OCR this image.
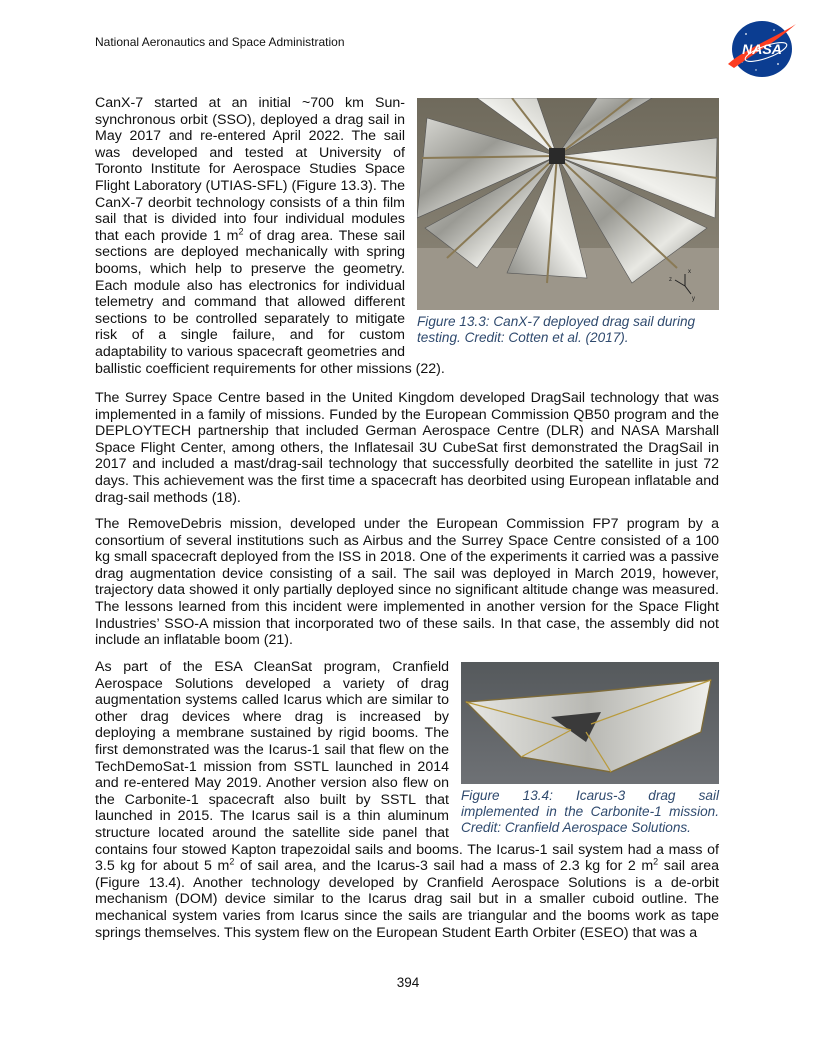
National Aeronautics and Space Administration	NASA
x
z
y
Figure 13.3: CanX-7 deployed drag sail during testing. Credit: Cotten et al. (2017).

CanX-7 started at an initial ~700 km Sun-synchronous orbit (SSO), deployed a drag sail in May 2017 and re-entered April 2022. The sail was developed and tested at University of Toronto Institute for Aerospace Studies Space Flight Laboratory (UTIAS-SFL) (Figure 13.3). The CanX-7 deorbit technology consists of a thin film sail that is divided into four individual modules that each provide 1 $m^2$ of drag area. These sail sections are deployed mechanically with spring booms, which help to preserve the geometry. Each module also has electronics for individual telemetry and command that allowed different sections to be controlled separately to mitigate risk of a single failure, and for custom adaptability to various spacecraft geometries and ballistic coefficient requirements for other missions (22).

The Surrey Space Centre based in the United Kingdom developed DragSail technology that was implemented in a family of missions. Funded by the European Commission QB50 program and the DEPLOYTECH partnership that included German Aerospace Centre (DLR) and NASA Marshall Space Flight Center, among others, the Inflatesail 3U CubeSat first demonstrated the DragSail in 2017 and included a mast/drag-sail technology that successfully deorbited the satellite in just 72 days. This achievement was the first time a spacecraft has deorbited using European inflatable and drag-sail methods (18).

The RemoveDebris mission, developed under the European Commission FP7 program by a consortium of several institutions such as Airbus and the Surrey Space Centre consisted of a 100 kg small spacecraft deployed from the ISS in 2018. One of the experiments it carried was a passive drag augmentation device consisting of a sail. The sail was deployed in March 2019, however, trajectory data showed it only partially deployed since no significant altitude change was measured. The lessons learned from this incident were implemented in another version for the Space Flight Industries’ SSO-A mission that incorporated two of these sails. In that case, the assembly did not include an inflatable boom (21).

Figure 13.4: Icarus-3 drag sail implemented in the Carbonite-1 mission. Credit: Cranfield Aerospace Solutions.

As part of the ESA CleanSat program, Cranfield Aerospace Solutions developed a variety of drag augmentation systems called Icarus which are similar to other drag devices where drag is increased by deploying a membrane sustained by rigid booms. The first demonstrated was the Icarus-1 sail that flew on the TechDemoSat-1 mission from SSTL launched in 2014 and re-entered May 2019. Another version also flew on the Carbonite-1 spacecraft also built by SSTL that launched in 2015. The Icarus sail is a thin aluminum structure located around the satellite side panel that contains four stowed Kapton trapezoidal sails and booms. The Icarus-1 sail system had a mass of 3.5 kg for about 5 $m^2$ of sail area, and the Icarus-3 sail had a mass of 2.3 kg for 2 $m^2$ sail area (Figure 13.4). Another technology developed by Cranfield Aerospace Solutions is a de-orbit mechanism (DOM) device similar to the Icarus drag sail but in a smaller cuboid outline. The mechanical system varies from Icarus since the sails are triangular and the booms work as tape springs themselves. This system flew on the European Student Earth Orbiter (ESEO) that was a

394
